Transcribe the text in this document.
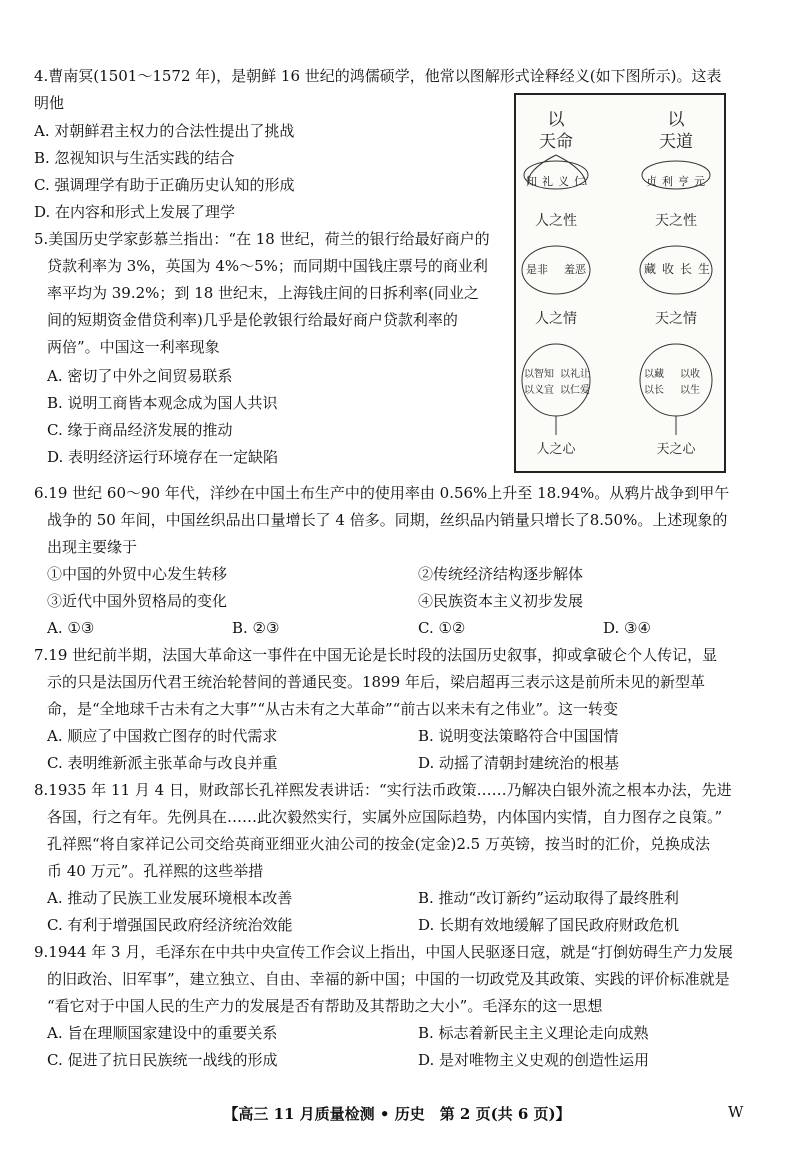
4.曹南冥(1501～1572 年)，是朝鲜 16 世纪的鸿儒硕学，他常以图解形式诠释经义(如下图所示)。这表
明他
A. 对朝鲜君主权力的合法性提出了挑战
B. 忽视知识与生活实践的结合
C. 强调理学有助于正确历史认知的形成
D. 在内容和形式上发展了理学
5.美国历史学家彭慕兰指出：“在 18 世纪，荷兰的银行给最好商户的
贷款利率为 3%，英国为 4%～5%；而同期中国钱庄票号的商业利
率平均为 39.2%；到 18 世纪末，上海钱庄间的日拆利率(同业之
间的短期资金借贷利率)几乎是伦敦银行给最好商户贷款利率的
两倍”。中国这一利率现象
A. 密切了中外之间贸易联系
B. 说明工商皆本观念成为国人共识
C. 缘于商品经济发展的推动
D. 表明经济运行环境存在一定缺陷
以
天命
知 礼 义 仁
人之性
是非 羞恶
人之情
以智知 以礼让
以义宜 以仁爱
人之心
以
天道
贞 利 亨 元
天之性
藏 收 长 生
天之情
以藏 以收
以长 以生
天之心
6.19 世纪 60～90 年代，洋纱在中国土布生产中的使用率由 0.56%上升至 18.94%。从鸦片战争到甲午
战争的 50 年间，中国丝织品出口量增长了 4 倍多。同期，丝织品内销量只增长了8.50%。上述现象的
出现主要缘于
①中国的外贸中心发生转移	②传统经济结构逐步解体
③近代中国外贸格局的变化	④民族资本主义初步发展
A. ①③	B. ②③	C. ①②	D. ③④
7.19 世纪前半期，法国大革命这一事件在中国无论是长时段的法国历史叙事，抑或拿破仑个人传记，显
示的只是法国历代君王统治轮替间的普通民变。1899 年后，梁启超再三表示这是前所未见的新型革
命，是“全地球千古未有之大事”“从古未有之大革命”“前古以来未有之伟业”。这一转变
A. 顺应了中国救亡图存的时代需求	B. 说明变法策略符合中国国情
C. 表明维新派主张革命与改良并重	D. 动摇了清朝封建统治的根基
8.1935 年 11 月 4 日，财政部长孔祥熙发表讲话：“实行法币政策……乃解决白银外流之根本办法，先进
各国，行之有年。先例具在……此次毅然实行，实属外应国际趋势，内体国内实情，自力图存之良策。”
孔祥熙“将自家祥记公司交给英商亚细亚火油公司的按金(定金)2.5 万英镑，按当时的汇价，兑换成法
币 40 万元”。孔祥熙的这些举措
A. 推动了民族工业发展环境根本改善	B. 推动“改订新约”运动取得了最终胜利
C. 有利于增强国民政府经济统治效能	D. 长期有效地缓解了国民政府财政危机
9.1944 年 3 月，毛泽东在中共中央宣传工作会议上指出，中国人民驱逐日寇，就是“打倒妨碍生产力发展
的旧政治、旧军事”，建立独立、自由、幸福的新中国；中国的一切政党及其政策、实践的评价标准就是
“看它对于中国人民的生产力的发展是否有帮助及其帮助之大小”。毛泽东的这一思想
A. 旨在理顺国家建设中的重要关系	B. 标志着新民主主义理论走向成熟
C. 促进了抗日民族统一战线的形成	D. 是对唯物主义史观的创造性运用
【高三 11 月质量检测 • 历史　第 2 页(共 6 页)】	W
